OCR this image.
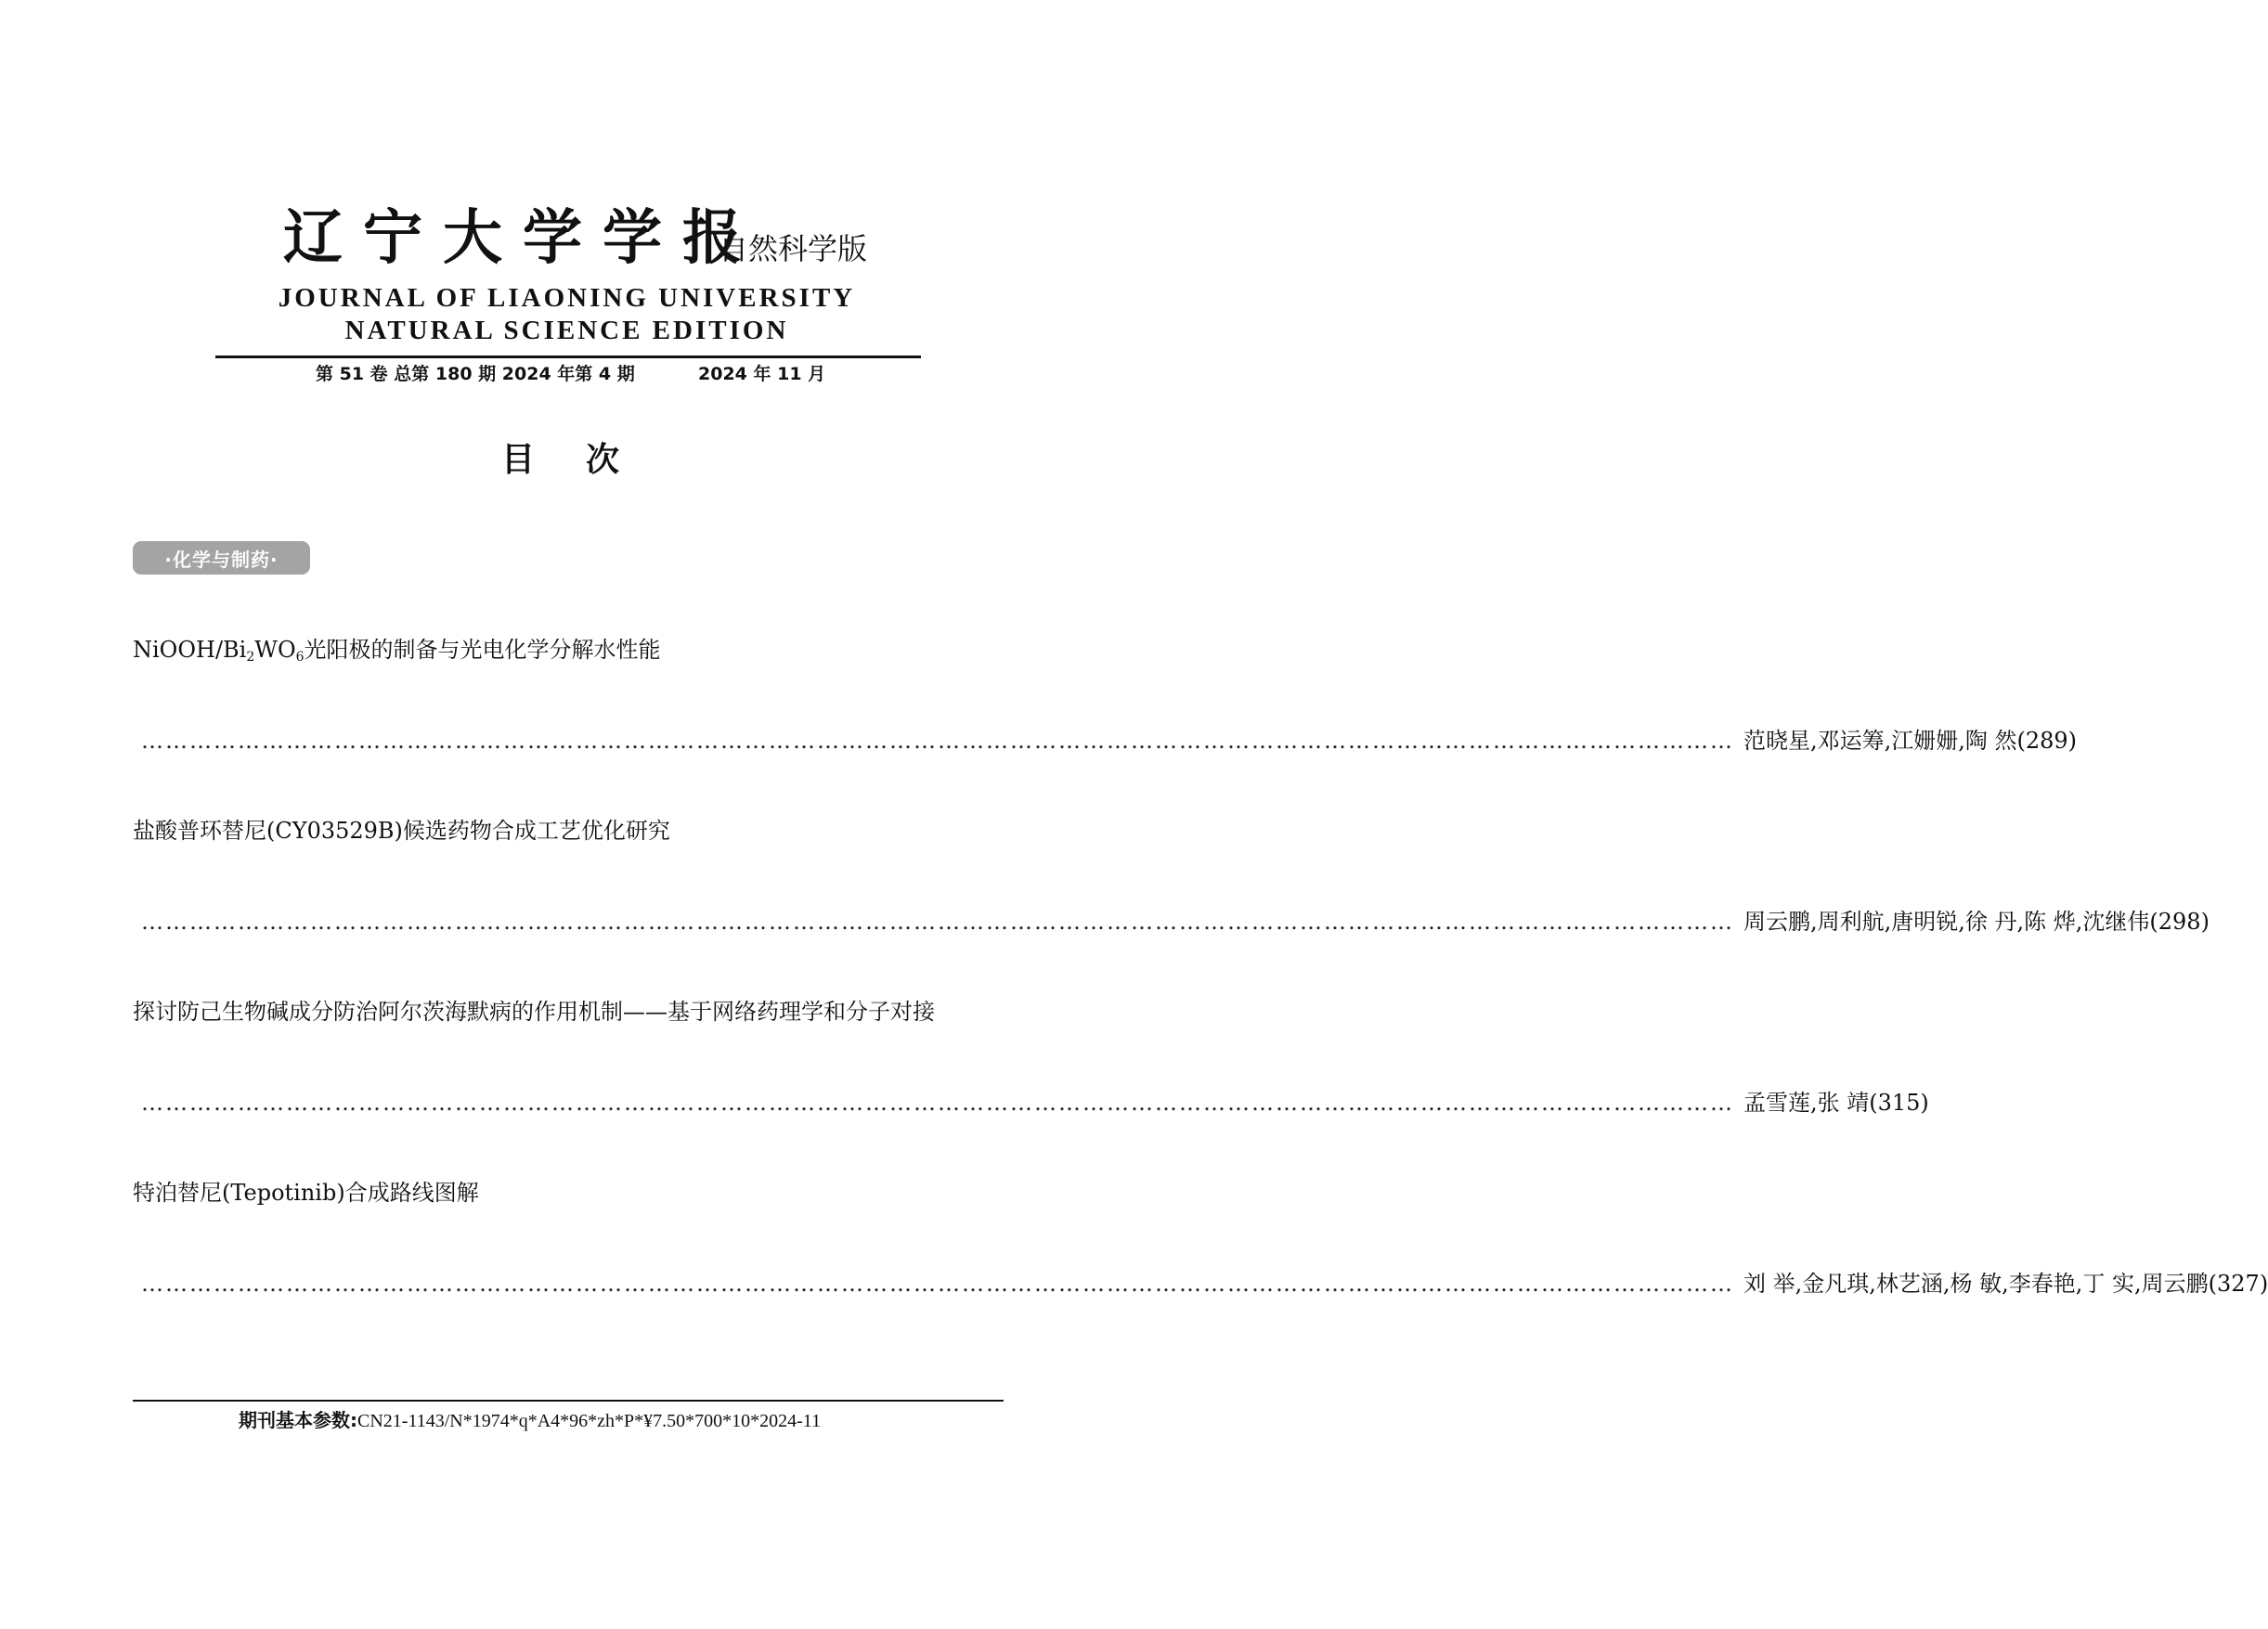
辽宁大学学报
自然科学版
JOURNAL OF LIAONING UNIVERSITY
NATURAL SCIENCE EDITION
第 51 卷 总第 180 期 2024 年第 4 期	2024 年 11 月
目次
·化学与制药·
NiOOH/$Bi_2WO_6$光阳极的制备与光电化学分解水性能
……………………………………………………………………………………………………………………………………………………………………………… 范晓星,邓运筹,江姗姗,陶 然(289)
盐酸普环替尼(CY03529B)候选药物合成工艺优化研究
……………………………………………………………………………………………………………………………………………………………………………… 周云鹏,周利航,唐明锐,徐 丹,陈 烨,沈继伟(298)
探讨防己生物碱成分防治阿尔茨海默病的作用机制——基于网络药理学和分子对接
……………………………………………………………………………………………………………………………………………………………………………… 孟雪莲,张 靖(315)
特泊替尼(Tepotinib)合成路线图解
……………………………………………………………………………………………………………………………………………………………………………… 刘 举,金凡琪,林艺涵,杨 敏,李春艳,丁 实,周云鹏(327)
期刊基本参数:CN21-1143/N*1974*q*A4*96*zh*P*¥7.50*700*10*2024-11
